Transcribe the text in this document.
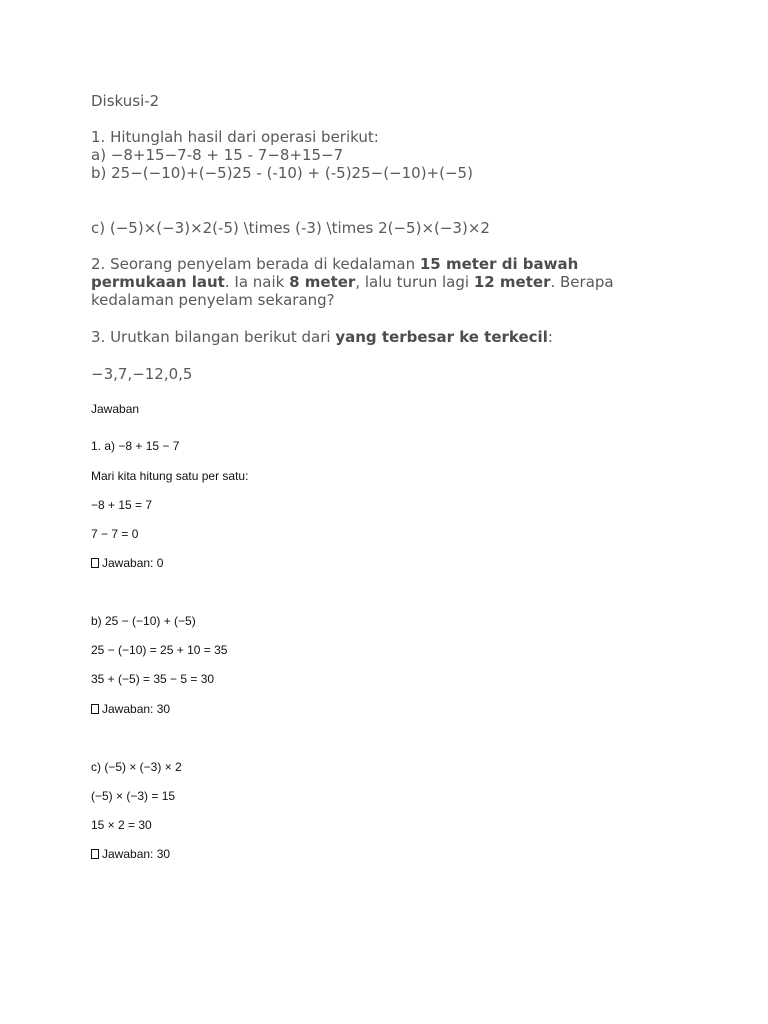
Diskusi-2
1. Hitunglah hasil dari operasi berikut:
a) −8+15−7-8 + 15 - 7−8+15−7
b) 25−(−10)+(−5)25 - (-10) + (-5)25−(−10)+(−5)
c) (−5)×(−3)×2(-5) \times (-3) \times 2(−5)×(−3)×2
2. Seorang penyelam berada di kedalaman 15 meter di bawah permukaan laut. Ia naik 8 meter, lalu turun lagi 12 meter. Berapa kedalaman penyelam sekarang?
3. Urutkan bilangan berikut dari yang terbesar ke terkecil:
−3,7,−12,0,5
Jawaban
1. a) −8 + 15 − 7
Mari kita hitung satu per satu:
−8 + 15 = 7
7 − 7 = 0
Jawaban: 0
b) 25 − (−10) + (−5)
25 − (−10) = 25 + 10 = 35
35 + (−5) = 35 − 5 = 30
Jawaban: 30
c) (−5) × (−3) × 2
(−5) × (−3) = 15
15 × 2 = 30
Jawaban: 30
